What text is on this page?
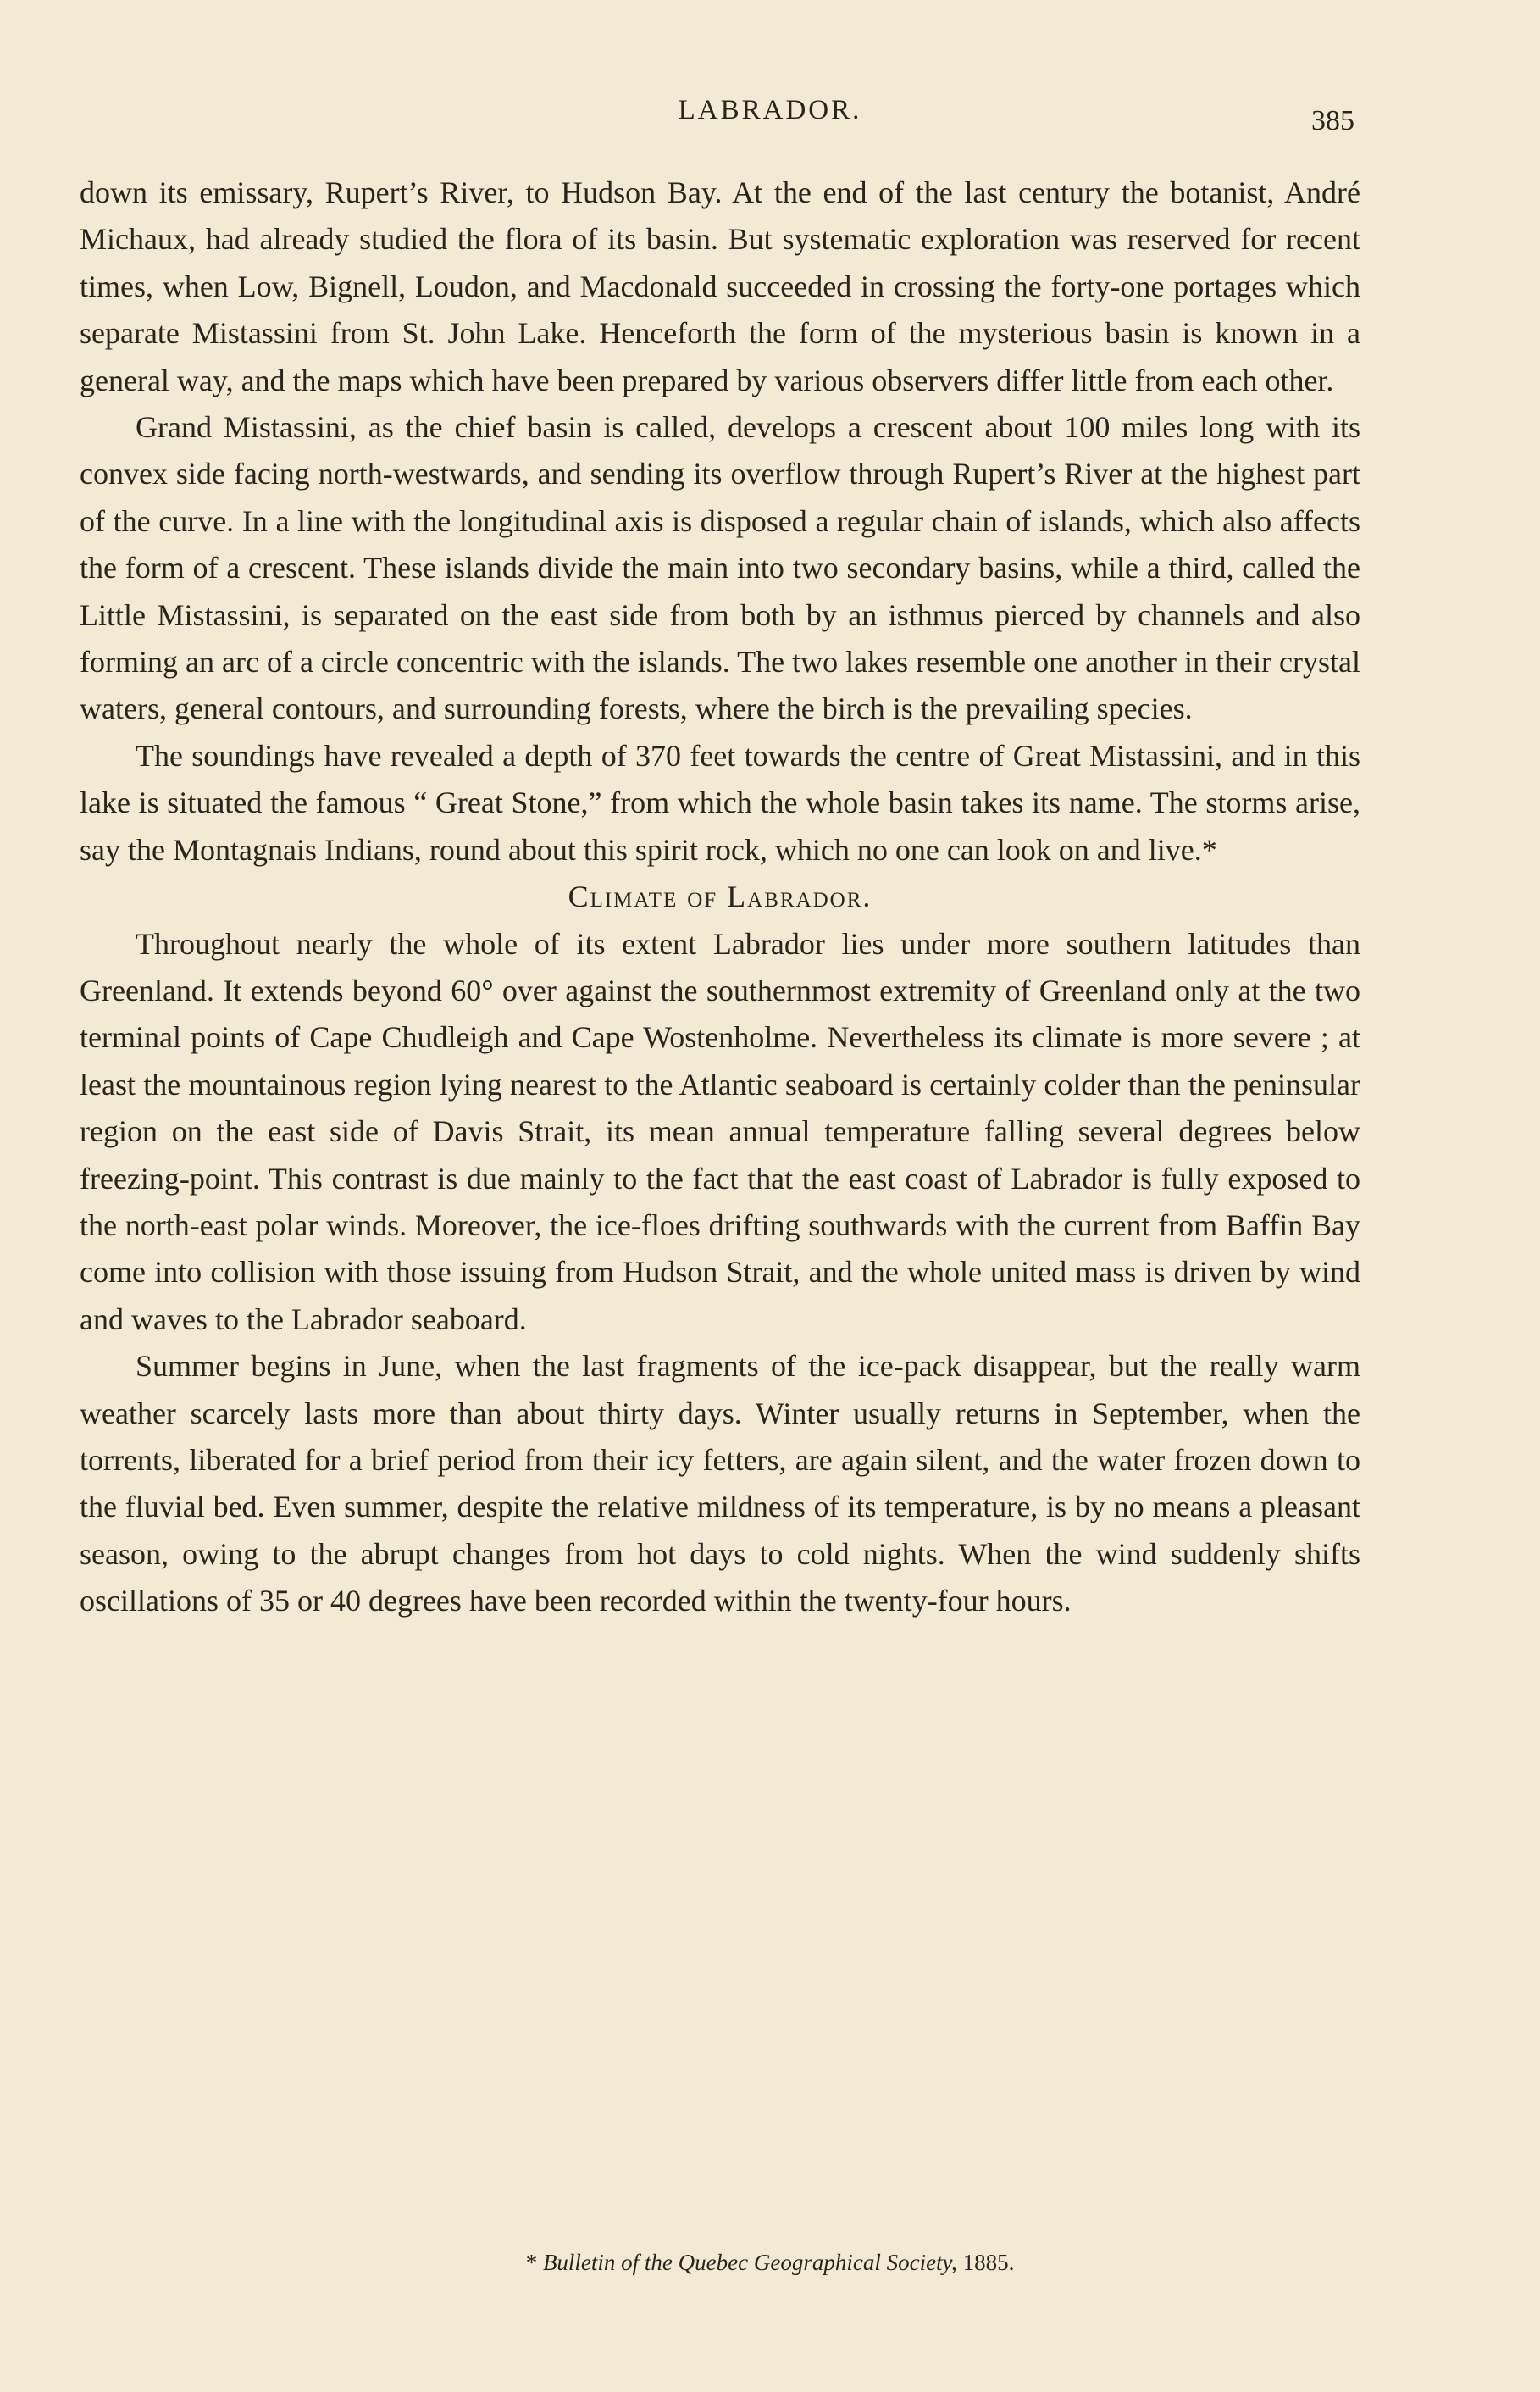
LABRADOR.	385

down its emissary, Rupert’s River, to Hudson Bay. At the end of the last century the botanist, André Michaux, had already studied the flora of its basin. But systematic exploration was reserved for recent times, when Low, Bignell, Loudon, and Macdonald succeeded in crossing the forty-one portages which separate Mistassini from St. John Lake. Henceforth the form of the mysterious basin is known in a general way, and the maps which have been prepared by various observers differ little from each other.

Grand Mistassini, as the chief basin is called, develops a crescent about 100 miles long with its convex side facing north-westwards, and sending its overflow through Rupert’s River at the highest part of the curve. In a line with the longitudinal axis is disposed a regular chain of islands, which also affects the form of a crescent. These islands divide the main into two secondary basins, while a third, called the Little Mistassini, is separated on the east side from both by an isthmus pierced by channels and also forming an arc of a circle concentric with the islands. The two lakes resemble one another in their crystal waters, general contours, and surrounding forests, where the birch is the prevailing species.

The soundings have revealed a depth of 370 feet towards the centre of Great Mistassini, and in this lake is situated the famous “ Great Stone,” from which the whole basin takes its name. The storms arise, say the Montagnais Indians, round about this spirit rock, which no one can look on and live.*

Climate of Labrador.

Throughout nearly the whole of its extent Labrador lies under more southern latitudes than Greenland. It extends beyond 60° over against the southernmost extremity of Greenland only at the two terminal points of Cape Chudleigh and Cape Wostenholme. Nevertheless its climate is more severe ; at least the mountainous region lying nearest to the Atlantic seaboard is certainly colder than the peninsular region on the east side of Davis Strait, its mean annual temperature falling several degrees below freezing-point. This contrast is due mainly to the fact that the east coast of Labrador is fully exposed to the north-east polar winds. Moreover, the ice-floes drifting southwards with the current from Baffin Bay come into collision with those issuing from Hudson Strait, and the whole united mass is driven by wind and waves to the Labrador seaboard.

Summer begins in June, when the last fragments of the ice-pack disappear, but the really warm weather scarcely lasts more than about thirty days. Winter usually returns in September, when the torrents, liberated for a brief period from their icy fetters, are again silent, and the water frozen down to the fluvial bed. Even summer, despite the relative mildness of its temperature, is by no means a pleasant season, owing to the abrupt changes from hot days to cold nights. When the wind suddenly shifts oscillations of 35 or 40 degrees have been recorded within the twenty-four hours.

* Bulletin of the Quebec Geographical Society, 1885.
